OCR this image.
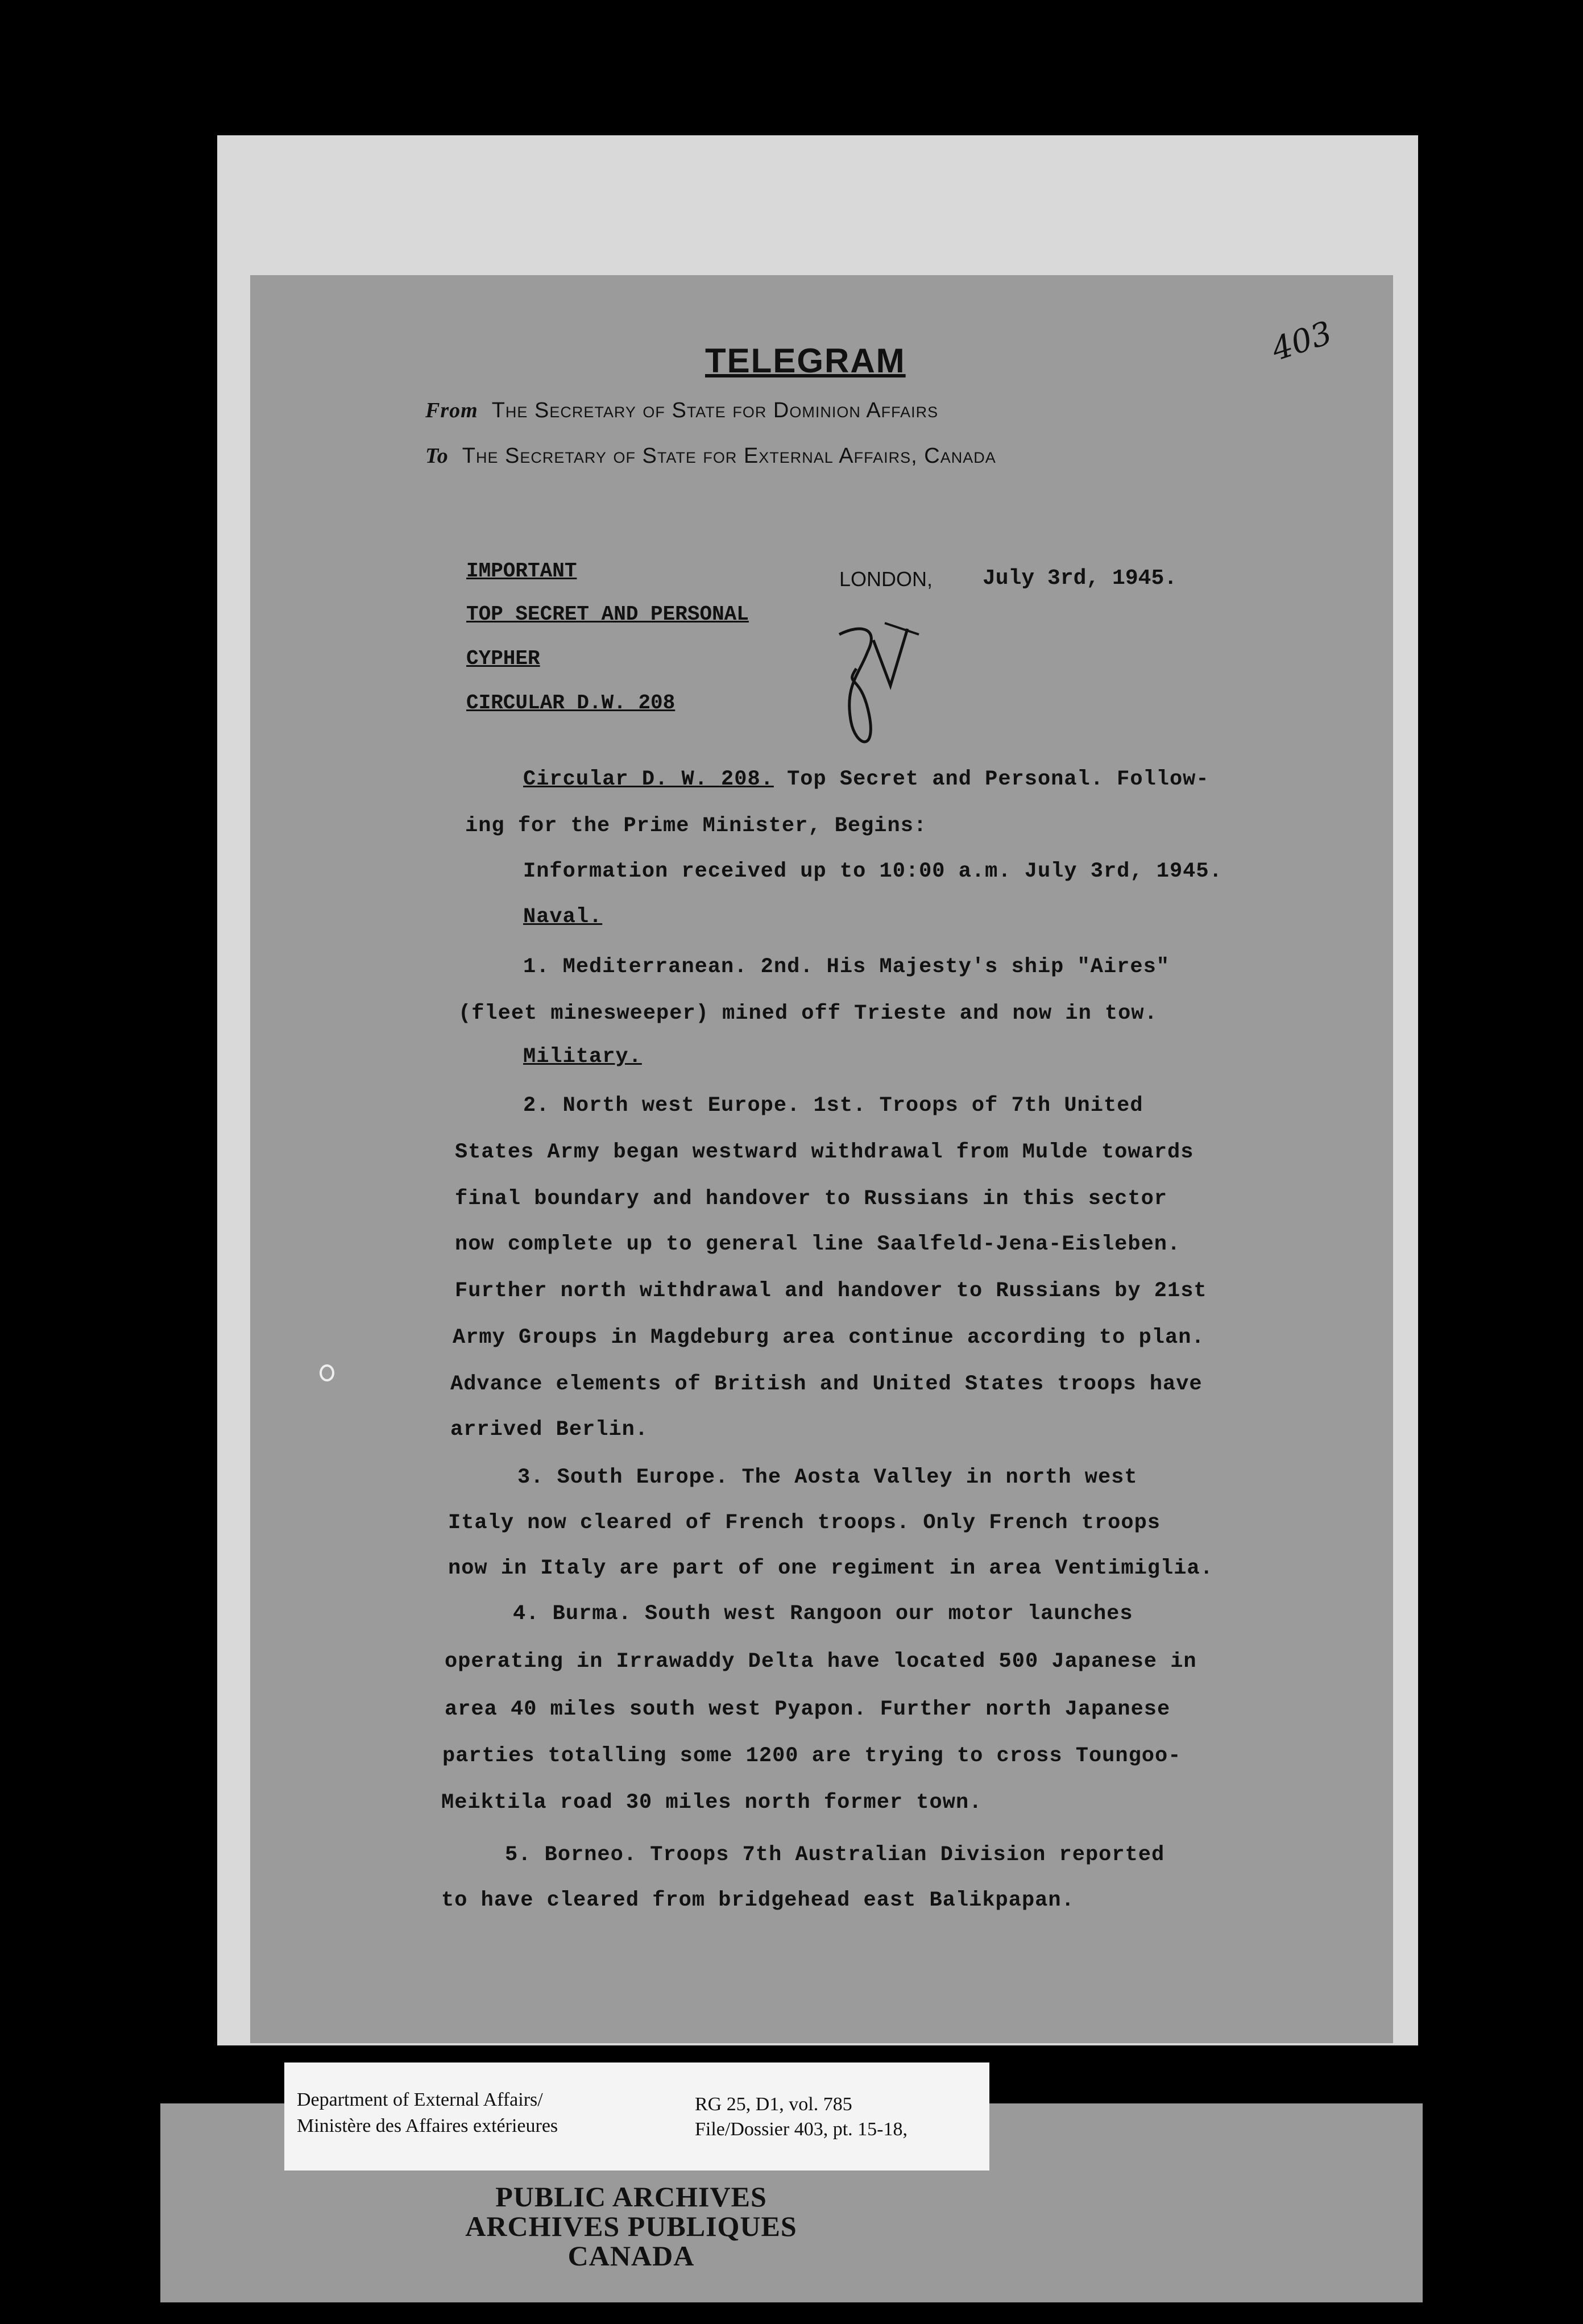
403
TELEGRAM
From The Secretary of State for Dominion Affairs
To The Secretary of State for External Affairs, Canada
IMPORTANT
TOP SECRET AND PERSONAL
CYPHER
CIRCULAR D.W. 208
LONDON, July 3rd, 1945.
Circular D. W. 208. Top Secret and Personal. Follow-
ing for the Prime Minister, Begins:
Information received up to 10:00 a.m. July 3rd, 1945.
Naval.
1. Mediterranean. 2nd. His Majesty's ship "Aires"
(fleet minesweeper) mined off Trieste and now in tow.
Military.
2. North west Europe. 1st. Troops of 7th United
States Army began westward withdrawal from Mulde towards
final boundary and handover to Russians in this sector
now complete up to general line Saalfeld-Jena-Eisleben.
Further north withdrawal and handover to Russians by 21st
Army Groups in Magdeburg area continue according to plan.
Advance elements of British and United States troops have
arrived Berlin.
3. South Europe. The Aosta Valley in north west
Italy now cleared of French troops. Only French troops
now in Italy are part of one regiment in area Ventimiglia.
4. Burma. South west Rangoon our motor launches
operating in Irrawaddy Delta have located 500 Japanese in
area 40 miles south west Pyapon. Further north Japanese
parties totalling some 1200 are trying to cross Toungoo-
Meiktila road 30 miles north former town.
5. Borneo. Troops 7th Australian Division reported
to have cleared from bridgehead east Balikpapan.
Department of External Affairs/
Ministère des Affaires extérieures
RG 25, D1, vol. 785
File/Dossier 403, pt. 15-18,
PUBLIC ARCHIVES
ARCHIVES PUBLIQUES
CANADA
